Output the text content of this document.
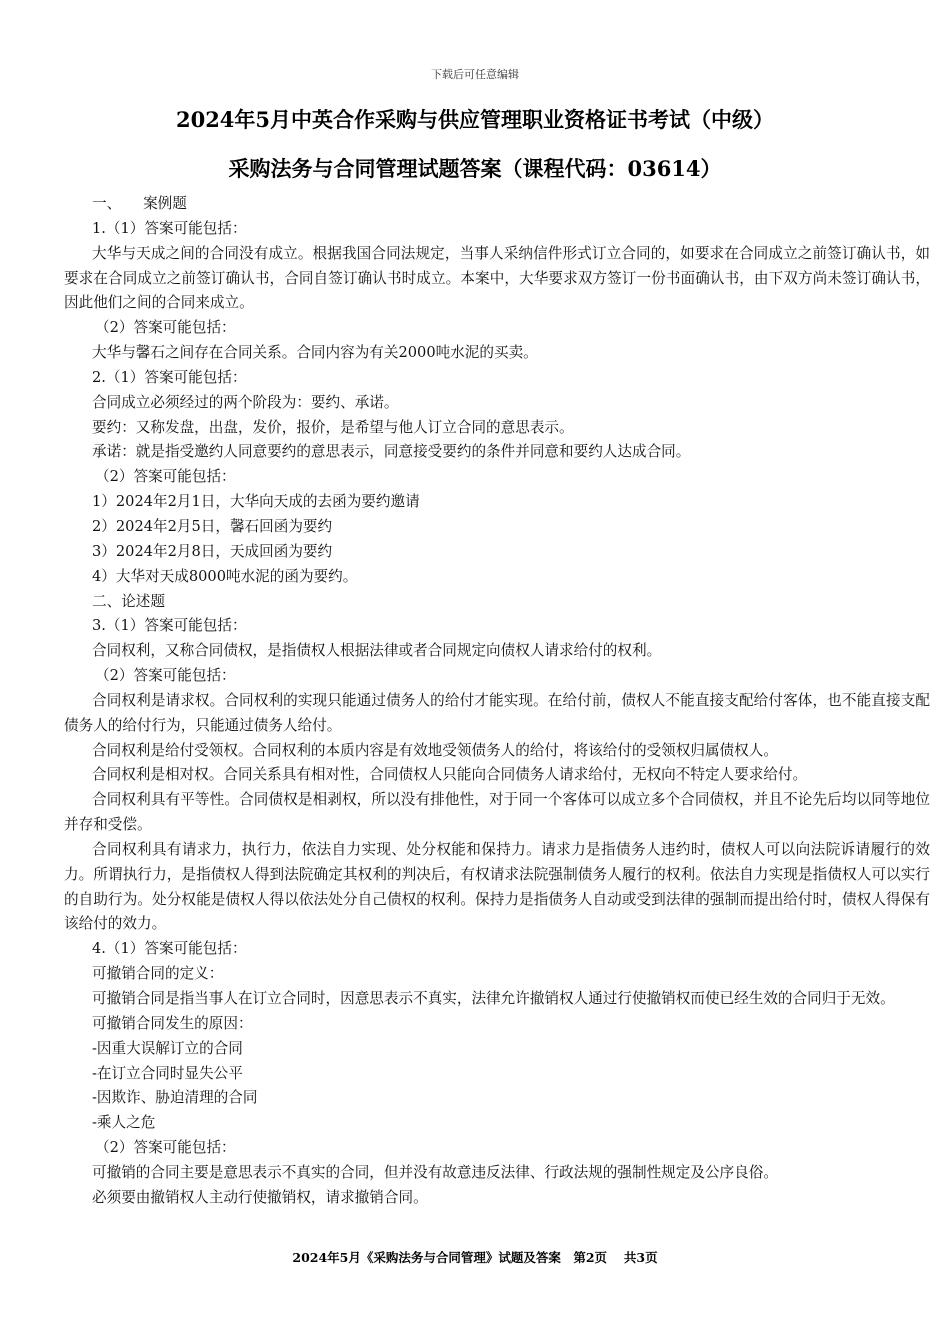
下载后可任意编辑
2024年5月中英合作采购与供应管理职业资格证书考试（中级）
采购法务与合同管理试题答案（课程代码：03614）
一、　　案例题
1.（1）答案可能包括：
大华与天成之间的合同没有成立。根据我国合同法规定，当事人采纳信件形式订立合同的，如要求在合同成立之前签订确认书，如要求在合同成立之前签订确认书，合同自签订确认书时成立。本案中，大华要求双方签订一份书面确认书，由下双方尚未签订确认书，因此他们之间的合同来成立。
（2）答案可能包括：
大华与馨石之间存在合同关系。合同内容为有关2000吨水泥的买卖。
2.（1）答案可能包括：
合同成立必须经过的两个阶段为：要约、承诺。
要约：又称发盘，出盘，发价，报价，是希望与他人订立合同的意思表示。
承诺：就是指受邀约人同意要约的意思表示，同意接受要约的条件并同意和要约人达成合同。
（2）答案可能包括：
1）2024年2月1日，大华向天成的去函为要约邀请
2）2024年2月5日，馨石回函为要约
3）2024年2月8日，天成回函为要约
4）大华对天成8000吨水泥的函为要约。
二、论述题
3.（1）答案可能包括：
合同权利，又称合同债权，是指债权人根据法律或者合同规定向债权人请求给付的权利。
（2）答案可能包括：
合同权利是请求权。合同权利的实现只能通过债务人的给付才能实现。在给付前，债权人不能直接支配给付客体，也不能直接支配债务人的给付行为，只能通过债务人给付。
合同权利是给付受领权。合同权利的本质内容是有效地受领债务人的给付，将该给付的受领权归属债权人。
合同权利是相对权。合同关系具有相对性，合同债权人只能向合同债务人请求给付，无权向不特定人要求给付。
合同权利具有平等性。合同债权是相剥权，所以没有排他性，对于同一个客体可以成立多个合同债权，并且不论先后均以同等地位并存和受偿。
合同权利具有请求力，执行力，依法自力实现、处分权能和保持力。请求力是指债务人违约时，债权人可以向法院诉请履行的效力。所谓执行力，是指债权人得到法院确定其权利的判决后，有权请求法院强制债务人履行的权利。依法自力实现是指债权人可以实行的自助行为。处分权能是债权人得以依法处分自己债权的权利。保持力是指债务人自动或受到法律的强制而提出给付时，债权人得保有该给付的效力。
4.（1）答案可能包括：
可撤销合同的定义：
可撤销合同是指当事人在订立合同时，因意思表示不真实，法律允许撤销权人通过行使撤销权而使已经生效的合同归于无效。
可撤销合同发生的原因：
-因重大误解订立的合同
-在订立合同时显失公平
-因欺诈、胁迫清理的合同
-乘人之危
（2）答案可能包括：
可撤销的合同主要是意思表示不真实的合同，但并没有故意违反法律、行政法规的强制性规定及公序良俗。
必须要由撤销权人主动行使撤销权，请求撤销合同。
2024年5月《采购法务与合同管理》试题及答案　第2页　 共3页
